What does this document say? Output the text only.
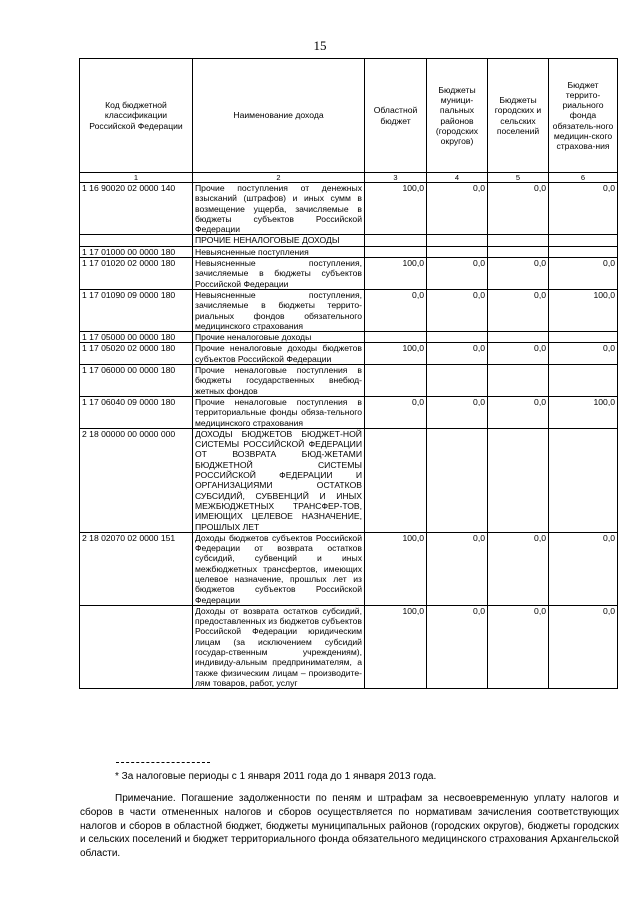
15
Код бюджетной классификации Российской Федерации	Наименование дохода	Областной бюджет	Бюджеты муници-пальных районов (городских округов)	Бюджеты городских и сельских поселений	Бюджет террито-риального фонда обязатель-ного медицин-ского страхова-ния
1	2	3	4	5	6
1 16 90020 02 0000 140	Прочие поступления от денежных взысканий (штрафов) и иных сумм в возмещение ущерба, зачисляемые в бюджеты субъектов Российской Федерации	100,0	0,0	0,0	0,0
	ПРОЧИЕ НЕНАЛОГОВЫЕ ДОХОДЫ				
1 17 01000 00 0000 180	Невыясненные поступления				
1 17 01020 02 0000 180	Невыясненные поступления, зачисляемые в бюджеты субъектов Российской Федерации	100,0	0,0	0,0	0,0
1 17 01090 09 0000 180	Невыясненные поступления, зачисляемые в бюджеты террито-риальных фондов обязательного медицинского страхования	0,0	0,0	0,0	100,0
1 17 05000 00 0000 180	Прочие неналоговые доходы				
1 17 05020 02 0000 180	Прочие неналоговые доходы бюджетов субъектов Российской Федерации	100,0	0,0	0,0	0,0
1 17 06000 00 0000 180	Прочие неналоговые поступления в бюджеты государственных внебюд-жетных фондов				
1 17 06040 09 0000 180	Прочие неналоговые поступления в территориальные фонды обяза-тельного медицинского страхования	0,0	0,0	0,0	100,0
2 18 00000 00 0000 000	ДОХОДЫ БЮДЖЕТОВ БЮДЖЕТ-НОЙ СИСТЕМЫ РОССИЙСКОЙ ФЕДЕРАЦИИ ОТ ВОЗВРАТА БЮД-ЖЕТАМИ БЮДЖЕТНОЙ СИСТЕМЫ РОССИЙСКОЙ ФЕДЕРАЦИИ И ОРГАНИЗАЦИЯМИ ОСТАТКОВ СУБСИДИЙ, СУБВЕНЦИЙ И ИНЫХ МЕЖБЮДЖЕТНЫХ ТРАНСФЕР-ТОВ, ИМЕЮЩИХ ЦЕЛЕВОЕ НАЗНАЧЕНИЕ, ПРОШЛЫХ ЛЕТ				
2 18 02070 02 0000 151	Доходы бюджетов субъектов Российской Федерации от возврата остатков субсидий, субвенций и иных межбюджетных трансфертов, имеющих целевое назначение, прошлых лет из бюджетов субъектов Российской Федерации	100,0	0,0	0,0	0,0
	Доходы от возврата остатков субсидий, предоставленных из бюджетов субъектов Российской Федерации юридическим лицам (за исключением субсидий государ-ственным учреждениям), индивиду-альным предпринимателям, а также физическим лицам – производите-лям товаров, работ, услуг	100,0	0,0	0,0	0,0
* За налоговые периоды с 1 января 2011 года до 1 января 2013 года.
Примечание. Погашение задолженности по пеням и штрафам за несвоевременную уплату налогов и сборов в части отмененных налогов и сборов осуществляется по нормативам зачисления соответствующих налогов и сборов в областной бюджет, бюджеты муниципальных районов (городских округов), бюджеты городских и сельских поселений и бюджет территориального фонда обязательного медицинского страхования Архангельской области.
